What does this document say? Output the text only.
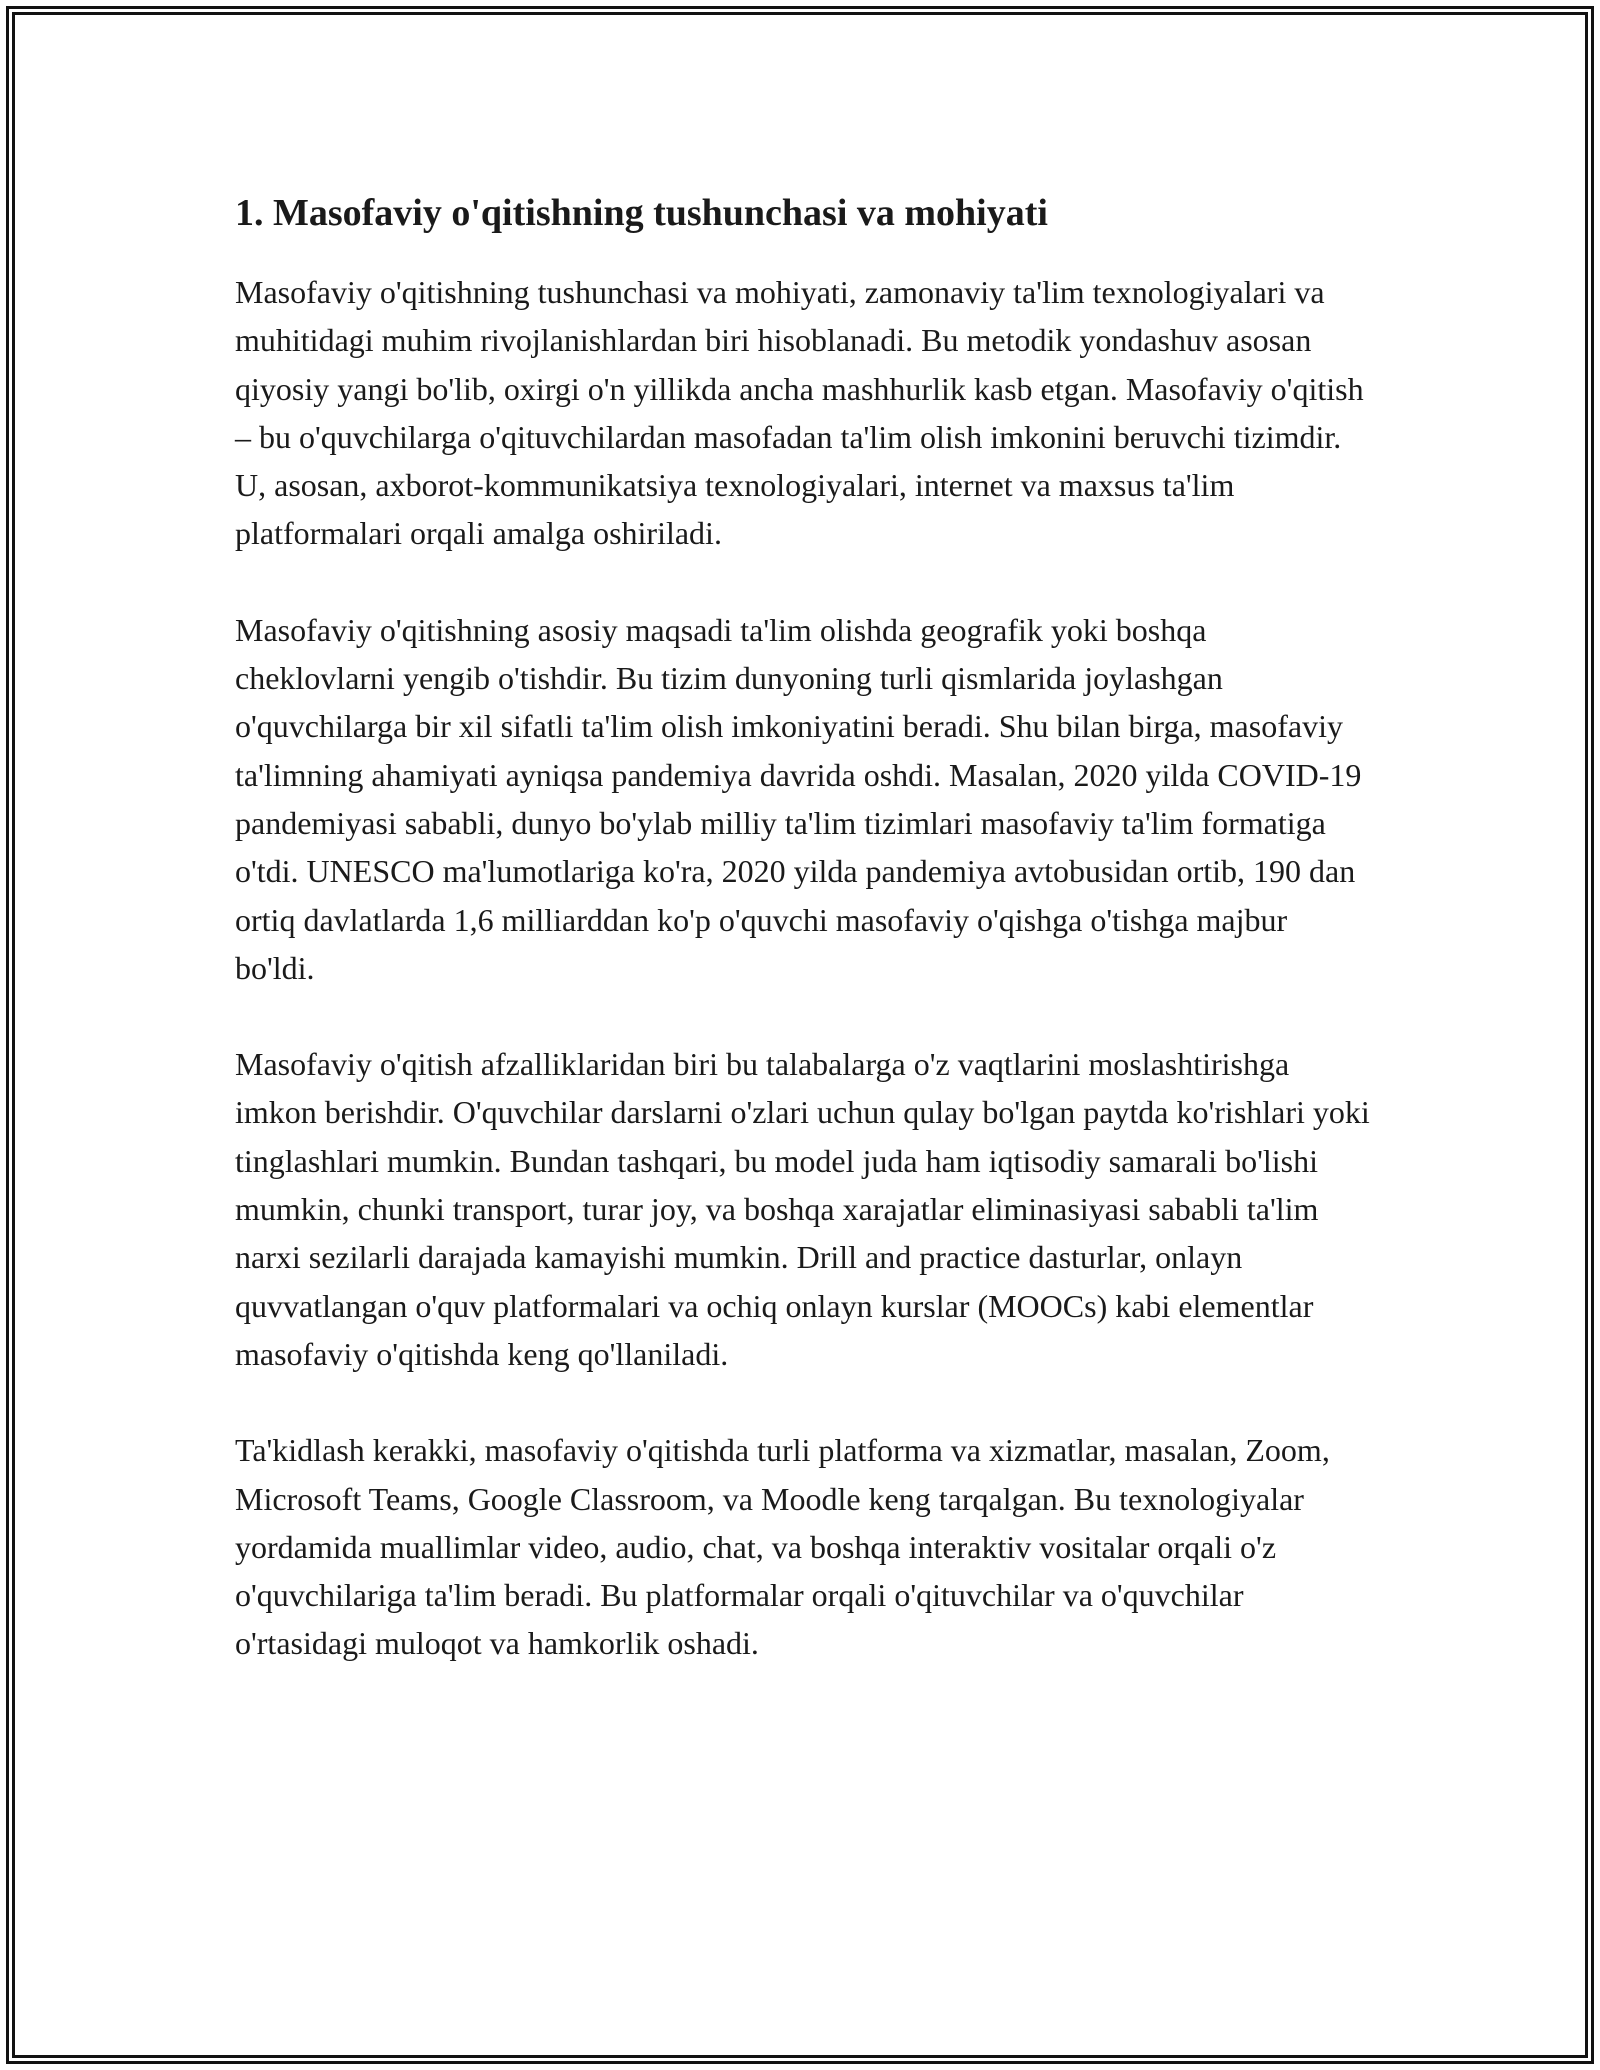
1. Masofaviy o'qitishning tushunchasi va mohiyati

Masofaviy o'qitishning tushunchasi va mohiyati, zamonaviy ta'lim texnologiyalari va muhitidagi muhim rivojlanishlardan biri hisoblanadi. Bu metodik yondashuv asosan qiyosiy yangi bo'lib, oxirgi o'n yillikda ancha mashhurlik kasb etgan. Masofaviy o'qitish – bu o'quvchilarga o'qituvchilardan masofadan ta'lim olish imkonini beruvchi tizimdir. U, asosan, axborot-kommunikatsiya texnologiyalari, internet va maxsus ta'lim platformalari orqali amalga oshiriladi.

Masofaviy o'qitishning asosiy maqsadi ta'lim olishda geografik yoki boshqa cheklovlarni yengib o'tishdir. Bu tizim dunyoning turli qismlarida joylashgan o'quvchilarga bir xil sifatli ta'lim olish imkoniyatini beradi. Shu bilan birga, masofaviy ta'limning ahamiyati ayniqsa pandemiya davrida oshdi. Masalan, 2020 yilda COVID-19 pandemiyasi sababli, dunyo bo'ylab milliy ta'lim tizimlari masofaviy ta'lim formatiga o'tdi. UNESCO ma'lumotlariga ko'ra, 2020 yilda pandemiya avtobusidan ortib, 190 dan ortiq davlatlarda 1,6 milliarddan ko'p o'quvchi masofaviy o'qishga o'tishga majbur bo'ldi.

Masofaviy o'qitish afzalliklaridan biri bu talabalarga o'z vaqtlarini moslashtirishga imkon berishdir. O'quvchilar darslarni o'zlari uchun qulay bo'lgan paytda ko'rishlari yoki tinglashlari mumkin. Bundan tashqari, bu model juda ham iqtisodiy samarali bo'lishi mumkin, chunki transport, turar joy, va boshqa xarajatlar eliminasiyasi sababli ta'lim narxi sezilarli darajada kamayishi mumkin. Drill and practice dasturlar, onlayn quvvatlangan o'quv platformalari va ochiq onlayn kurslar (MOOCs) kabi elementlar masofaviy o'qitishda keng qo'llaniladi.

Ta'kidlash kerakki, masofaviy o'qitishda turli platforma va xizmatlar, masalan, Zoom, Microsoft Teams, Google Classroom, va Moodle keng tarqalgan. Bu texnologiyalar yordamida muallimlar video, audio, chat, va boshqa interaktiv vositalar orqali o'z o'quvchilariga ta'lim beradi. Bu platformalar orqali o'qituvchilar va o'quvchilar o'rtasidagi muloqot va hamkorlik oshadi.
